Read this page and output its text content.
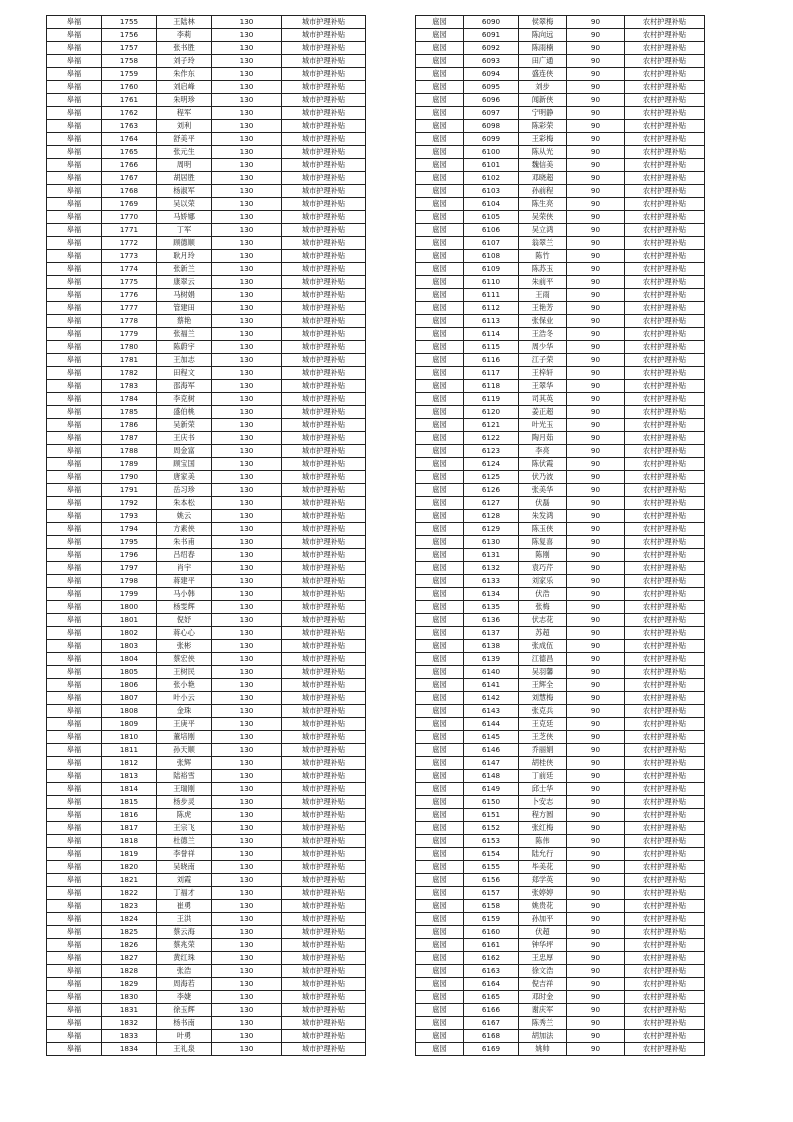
皋福	1755	王陆林	130	城市护理补贴
皋福	1756	李莉	130	城市护理补贴
皋福	1757	张书胜	130	城市护理补贴
皋福	1758	刘子玲	130	城市护理补贴
皋福	1759	朱作东	130	城市护理补贴
皋福	1760	刘启峰	130	城市护理补贴
皋福	1761	朱明珍	130	城市护理补贴
皋福	1762	程军	130	城市护理补贴
皋福	1763	刘利	130	城市护理补贴
皋福	1764	舒美平	130	城市护理补贴
皋福	1765	张元生	130	城市护理补贴
皋福	1766	周明	130	城市护理补贴
皋福	1767	胡居胜	130	城市护理补贴
皋福	1768	杨淑军	130	城市护理补贴
皋福	1769	吴以荣	130	城市护理补贴
皋福	1770	马娇娜	130	城市护理补贴
皋福	1771	丁军	130	城市护理补贴
皋福	1772	顾德顺	130	城市护理补贴
皋福	1773	耿月玲	130	城市护理补贴
皋福	1774	张新兰	130	城市护理补贴
皋福	1775	康翠云	130	城市护理补贴
皋福	1776	马树娟	130	城市护理补贴
皋福	1777	管建田	130	城市护理补贴
皋福	1778	蔡艳	130	城市护理补贴
皋福	1779	张福兰	130	城市护理补贴
皋福	1780	陈蔚宇	130	城市护理补贴
皋福	1781	王加志	130	城市护理补贴
皋福	1782	田程文	130	城市护理补贴
皋福	1783	邵海军	130	城市护理补贴
皋福	1784	李克树	130	城市护理补贴
皋福	1785	盛伯桃	130	城市护理补贴
皋福	1786	吴新荣	130	城市护理补贴
皋福	1787	王庆书	130	城市护理补贴
皋福	1788	周金富	130	城市护理补贴
皋福	1789	顾宝国	130	城市护理补贴
皋福	1790	唐家美	130	城市护理补贴
皋福	1791	岳习珍	130	城市护理补贴
皋福	1792	朱本松	130	城市护理补贴
皋福	1793	姚云	130	城市护理补贴
皋福	1794	方素侠	130	城市护理补贴
皋福	1795	朱书甫	130	城市护理补贴
皋福	1796	吕绍春	130	城市护理补贴
皋福	1797	肖宇	130	城市护理补贴
皋福	1798	蒋建平	130	城市护理补贴
皋福	1799	马小韩	130	城市护理补贴
皋福	1800	杨雯辉	130	城市护理补贴
皋福	1801	倪妤	130	城市护理补贴
皋福	1802	蒋心心	130	城市护理补贴
皋福	1803	张彬	130	城市护理补贴
皋福	1804	蔡宏侠	130	城市护理补贴
皋福	1805	王树民	130	城市护理补贴
皋福	1806	张小艳	130	城市护理补贴
皋福	1807	叶小云	130	城市护理补贴
皋福	1808	金珠	130	城市护理补贴
皋福	1809	王庚平	130	城市护理补贴
皋福	1810	董培刚	130	城市护理补贴
皋福	1811	孙天顺	130	城市护理补贴
皋福	1812	张辉	130	城市护理补贴
皋福	1813	陆裕雪	130	城市护理补贴
皋福	1814	王瑞刚	130	城市护理补贴
皋福	1815	杨步灵	130	城市护理补贴
皋福	1816	陈虎	130	城市护理补贴
皋福	1817	王宗飞	130	城市护理补贴
皋福	1818	杜德兰	130	城市护理补贴
皋福	1819	李誉祥	130	城市护理补贴
皋福	1820	吴晓南	130	城市护理补贴
皋福	1821	刘霞	130	城市护理补贴
皋福	1822	丁福才	130	城市护理补贴
皋福	1823	崔勇	130	城市护理补贴
皋福	1824	王洪	130	城市护理补贴
皋福	1825	蔡云海	130	城市护理补贴
皋福	1826	蔡兆荣	130	城市护理补贴
皋福	1827	黄红珠	130	城市护理补贴
皋福	1828	张浩	130	城市护理补贴
皋福	1829	周海若	130	城市护理补贴
皋福	1830	李婕	130	城市护理补贴
皋福	1831	徐玉辉	130	城市护理补贴
皋福	1832	杨书南	130	城市护理补贴
皋福	1833	叶勇	130	城市护理补贴
皋福	1834	王礼泉	130	城市护理补贴
扈园	6090	侯翠梅	90	农村护理补贴
扈园	6091	陈向远	90	农村护理补贴
扈园	6092	陈雨楠	90	农村护理补贴
扈园	6093	田广通	90	农村护理补贴
扈园	6094	盛连侠	90	农村护理补贴
扈园	6095	刘步	90	农村护理补贴
扈园	6096	闻新侠	90	农村护理补贴
扈园	6097	宁明静	90	农村护理补贴
扈园	6098	陈彩荣	90	农村护理补贴
扈园	6099	王彩梅	90	农村护理补贴
扈园	6100	陈从光	90	农村护理补贴
扈园	6101	魏信美	90	农村护理补贴
扈园	6102	邓晓超	90	农村护理补贴
扈园	6103	孙前程	90	农村护理补贴
扈园	6104	陈生亮	90	农村护理补贴
扈园	6105	吴荣侠	90	农村护理补贴
扈园	6106	吴立鸿	90	农村护理补贴
扈园	6107	翁翠兰	90	农村护理补贴
扈园	6108	陈竹	90	农村护理补贴
扈园	6109	陈苏玉	90	农村护理补贴
扈园	6110	朱前平	90	农村护理补贴
扈园	6111	王雨	90	农村护理补贴
扈园	6112	王艳芳	90	农村护理补贴
扈园	6113	张保业	90	农村护理补贴
扈园	6114	王浩冬	90	农村护理补贴
扈园	6115	周少华	90	农村护理补贴
扈园	6116	江子荣	90	农村护理补贴
扈园	6117	王梓轩	90	农村护理补贴
扈园	6118	王翠华	90	农村护理补贴
扈园	6119	司其英	90	农村护理补贴
扈园	6120	姜正超	90	农村护理补贴
扈园	6121	叶光玉	90	农村护理补贴
扈园	6122	陶月茹	90	农村护理补贴
扈园	6123	李亮	90	农村护理补贴
扈园	6124	陈伏霞	90	农村护理补贴
扈园	6125	伏乃波	90	农村护理补贴
扈园	6126	张美华	90	农村护理补贴
扈园	6127	伏磊	90	农村护理补贴
扈园	6128	朱发鸿	90	农村护理补贴
扈园	6129	陈玉侠	90	农村护理补贴
扈园	6130	陈复喜	90	农村护理补贴
扈园	6131	陈刚	90	农村护理补贴
扈园	6132	袁巧芹	90	农村护理补贴
扈园	6133	刘家乐	90	农村护理补贴
扈园	6134	伏浩	90	农村护理补贴
扈园	6135	张梅	90	农村护理补贴
扈园	6136	伏志花	90	农村护理补贴
扈园	6137	苏超	90	农村护理补贴
扈园	6138	张成伍	90	农村护理补贴
扈园	6139	江德昌	90	农村护理补贴
扈园	6140	吴羽馨	90	农村护理补贴
扈园	6141	王辉全	90	农村护理补贴
扈园	6142	刘慧梅	90	农村护理补贴
扈园	6143	张克兵	90	农村护理补贴
扈园	6144	王克廷	90	农村护理补贴
扈园	6145	王芝侠	90	农村护理补贴
扈园	6146	乔丽娟	90	农村护理补贴
扈园	6147	胡桂侠	90	农村护理补贴
扈园	6148	丁前廷	90	农村护理补贴
扈园	6149	邱士华	90	农村护理补贴
扈园	6150	卜安志	90	农村护理补贴
扈园	6151	程方圆	90	农村护理补贴
扈园	6152	张红梅	90	农村护理补贴
扈园	6153	陈伟	90	农村护理补贴
扈园	6154	陆允行	90	农村护理补贴
扈园	6155	毕美花	90	农村护理补贴
扈园	6156	郑学英	90	农村护理补贴
扈园	6157	张婷婷	90	农村护理补贴
扈园	6158	姚贵花	90	农村护理补贴
扈园	6159	孙加平	90	农村护理补贴
扈园	6160	伏超	90	农村护理补贴
扈园	6161	钟华坪	90	农村护理补贴
扈园	6162	王忠厚	90	农村护理补贴
扈园	6163	徐文浩	90	农村护理补贴
扈园	6164	倪吉祥	90	农村护理补贴
扈园	6165	邓时金	90	农村护理补贴
扈园	6166	谢庆军	90	农村护理补贴
扈园	6167	陈秀兰	90	农村护理补贴
扈园	6168	胡加法	90	农村护理补贴
扈园	6169	姚帅	90	农村护理补贴
